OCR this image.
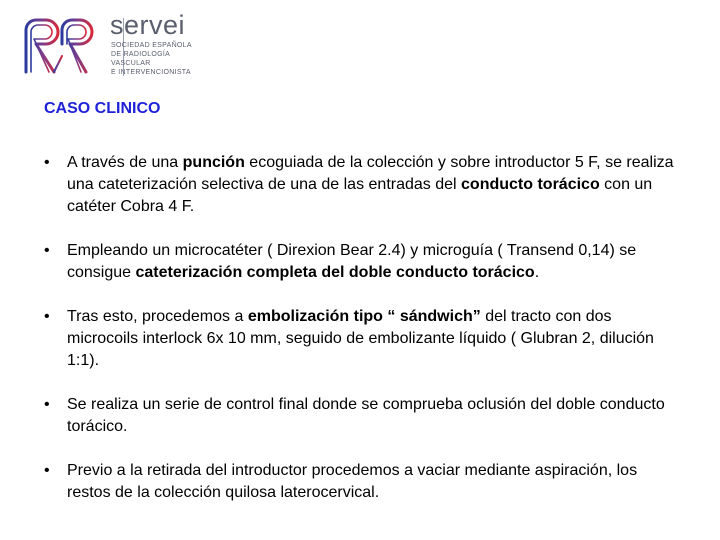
servei
SOCIEDAD ESPAÑOLA
DE RADIOLOGÍA
VASCULAR
E INTERVENCIONISTA
CASO CLINICO
• A través de una punción ecoguiada de la colección y sobre introductor 5 F, se realiza una cateterización selectiva de una de las entradas del conducto torácico con un catéter Cobra 4 F.
• Empleando un microcatéter ( Direxion Bear 2.4) y microguía ( Transend 0,14) se consigue cateterización completa del doble conducto torácico.
• Tras esto, procedemos a embolización tipo “ sándwich” del tracto con dos microcoils interlock 6x 10 mm, seguido de embolizante líquido ( Glubran 2, dilución 1:1).
• Se realiza un serie de control final donde se comprueba oclusión del doble conducto torácico.
• Previo a la retirada del introductor procedemos a vaciar mediante aspiración, los restos de la colección quilosa laterocervical.
